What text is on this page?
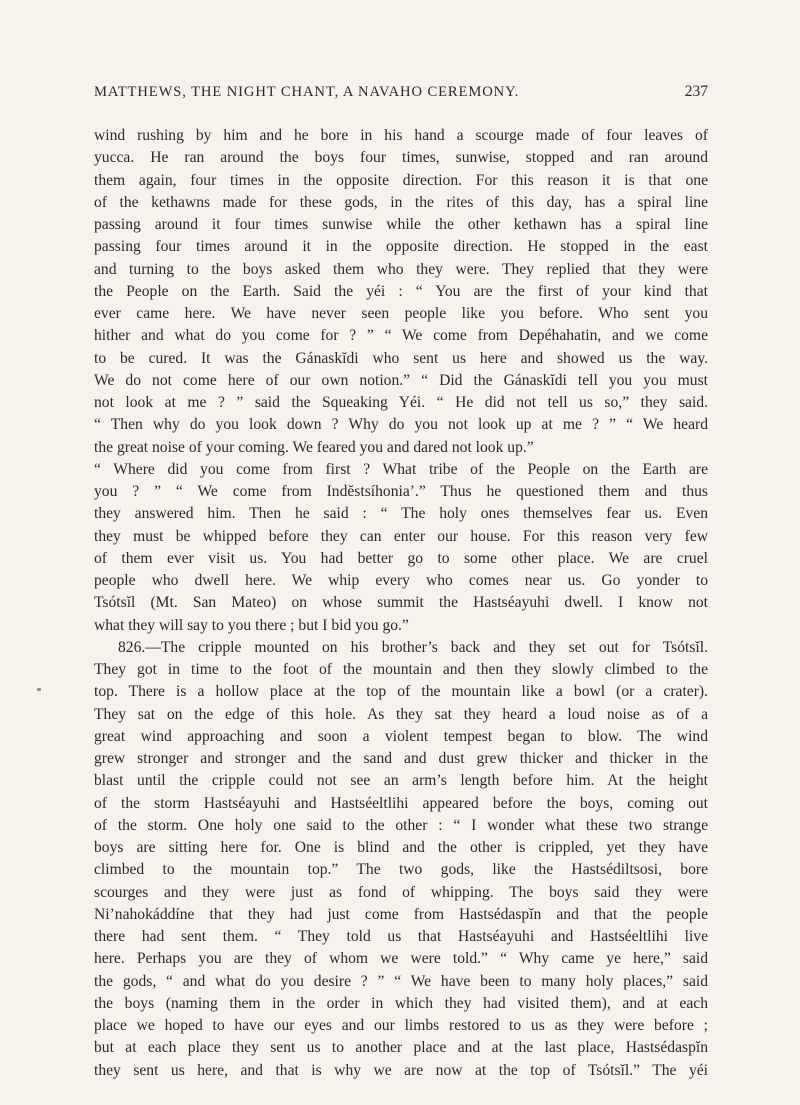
MATTHEWS, THE NIGHT CHANT, A NAVAHO CEREMONY.	237
wind rushing by him and he bore in his hand a scourge made of four leaves of
yucca. He ran around the boys four times, sunwise, stopped and ran around
them again, four times in the opposite direction. For this reason it is that one
of the kethawns made for these gods, in the rites of this day, has a spiral line
passing around it four times sunwise while the other kethawn has a spiral line
passing four times around it in the opposite direction. He stopped in the east
and turning to the boys asked them who they were. They replied that they were
the People on the Earth. Said the yéi : “ You are the first of your kind that
ever came here. We have never seen people like you before. Who sent you
hither and what do you come for ? ” “ We come from Depéhahatin, and we come
to be cured. It was the Gánaskĭdi who sent us here and showed us the way.
We do not come here of our own notion.” “ Did the Gánaskĭdi tell you you must
not look at me ? ” said the Squeaking Yéi. “ He did not tell us so,” they said.
“ Then why do you look down ? Why do you not look up at me ? ” “ We heard
the great noise of your coming. We feared you and dared not look up.”
“ Where did you come from first ? What tribe of the People on the Earth are
you ? ” “ We come from Indĕstsíhonia’.” Thus he questioned them and thus
they answered him. Then he said : “ The holy ones themselves fear us. Even
they must be whipped before they can enter our house. For this reason very few
of them ever visit us. You had better go to some other place. We are cruel
people who dwell here. We whip every who comes near us. Go yonder to
Tsótsĭl (Mt. San Mateo) on whose summit the Hastséayuhi dwell. I know not
what they will say to you there ; but I bid you go.”
826.—The cripple mounted on his brother’s back and they set out for Tsótsĭl.
They got in time to the foot of the mountain and then they slowly climbed to the
top. There is a hollow place at the top of the mountain like a bowl (or a crater).
They sat on the edge of this hole. As they sat they heard a loud noise as of a
great wind approaching and soon a violent tempest began to blow. The wind
grew stronger and stronger and the sand and dust grew thicker and thicker in the
blast until the cripple could not see an arm’s length before him. At the height
of the storm Hastséayuhi and Hastséeltlihi appeared before the boys, coming out
of the storm. One holy one said to the other : “ I wonder what these two strange
boys are sitting here for. One is blind and the other is crippled, yet they have
climbed to the mountain top.” The two gods, like the Hastsédiltsosi, bore
scourges and they were just as fond of whipping. The boys said they were
Ni’nahokáddíne that they had just come from Hastsédaspĭn and that the people
there had sent them. “ They told us that Hastséayuhi and Hastséeltlihi live
here. Perhaps you are they of whom we were told.” “ Why came ye here,” said
the gods, “ and what do you desire ? ” “ We have been to many holy places,” said
the boys (naming them in the order in which they had visited them), and at each
place we hoped to have our eyes and our limbs restored to us as they were before ;
but at each place they sent us to another place and at the last place, Hastsédaspĭn
they sent us here, and that is why we are now at the top of Tsótsĭl.” The yéi
